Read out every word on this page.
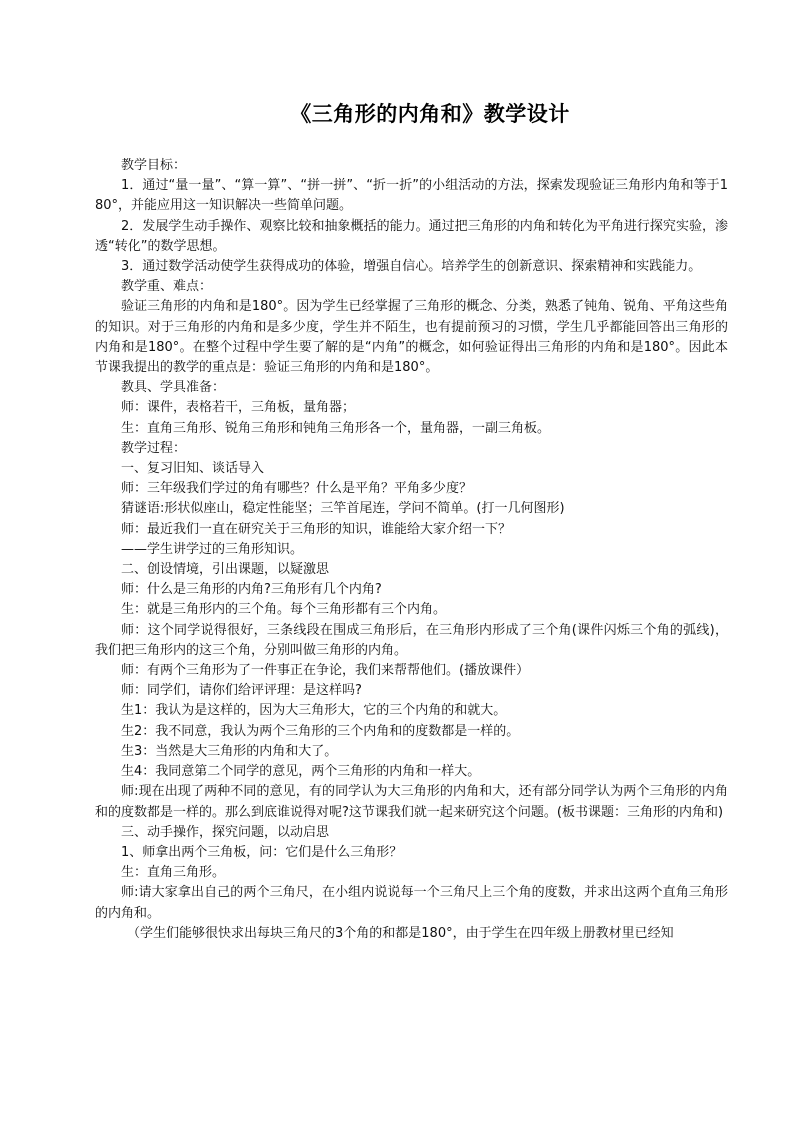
《三角形的内角和》教学设计

教学目标：

1．通过“量一量”、“算一算”、“拼一拼”、“折一折”的小组活动的方法，探索发现验证三角形内角和等于180°，并能应用这一知识解决一些简单问题。

2．发展学生动手操作、观察比较和抽象概括的能力。通过把三角形的内角和转化为平角进行探究实验，渗透“转化”的数学思想。

3．通过数学活动使学生获得成功的体验，增强自信心。培养学生的创新意识、探索精神和实践能力。

教学重、难点：

验证三角形的内角和是180°。因为学生已经掌握了三角形的概念、分类，熟悉了钝角、锐角、平角这些角的知识。对于三角形的内角和是多少度，学生并不陌生，也有提前预习的习惯，学生几乎都能回答出三角形的内角和是180°。在整个过程中学生要了解的是“内角”的概念，如何验证得出三角形的内角和是180°。因此本节课我提出的教学的重点是：验证三角形的内角和是180°。

教具、学具准备：

师：课件，表格若干，三角板，量角器；

生：直角三角形、锐角三角形和钝角三角形各一个，量角器，一副三角板。

教学过程：

一、复习旧知、谈话导入

师：三年级我们学过的角有哪些？什么是平角？平角多少度？

猜谜语:形状似座山，稳定性能坚；三竿首尾连，学问不简单。(打一几何图形)

师：最近我们一直在研究关于三角形的知识，谁能给大家介绍一下？

——学生讲学过的三角形知识。

二、创设情境，引出课题，以疑激思

师：什么是三角形的内角?三角形有几个内角?

生：就是三角形内的三个角。每个三角形都有三个内角。

师：这个同学说得很好，三条线段在围成三角形后，在三角形内形成了三个角(课件闪烁三个角的弧线)，我们把三角形内的这三个角，分别叫做三角形的内角。

师：有两个三角形为了一件事正在争论，我们来帮帮他们。(播放课件）

师：同学们，请你们给评评理：是这样吗?

生1：我认为是这样的，因为大三角形大，它的三个内角的和就大。

生2：我不同意，我认为两个三角形的三个内角和的度数都是一样的。

生3：当然是大三角形的内角和大了。

生4：我同意第二个同学的意见，两个三角形的内角和一样大。

师:现在出现了两种不同的意见，有的同学认为大三角形的内角和大，还有部分同学认为两个三角形的内角和的度数都是一样的。那么到底谁说得对呢?这节课我们就一起来研究这个问题。(板书课题：三角形的内角和)

三、动手操作，探究问题，以动启思

1、师拿出两个三角板，问：它们是什么三角形？

生：直角三角形。

师:请大家拿出自己的两个三角尺，在小组内说说每一个三角尺上三个角的度数，并求出这两个直角三角形的内角和。

（学生们能够很快求出每块三角尺的3个角的和都是180°，由于学生在四年级上册教材里已经知
